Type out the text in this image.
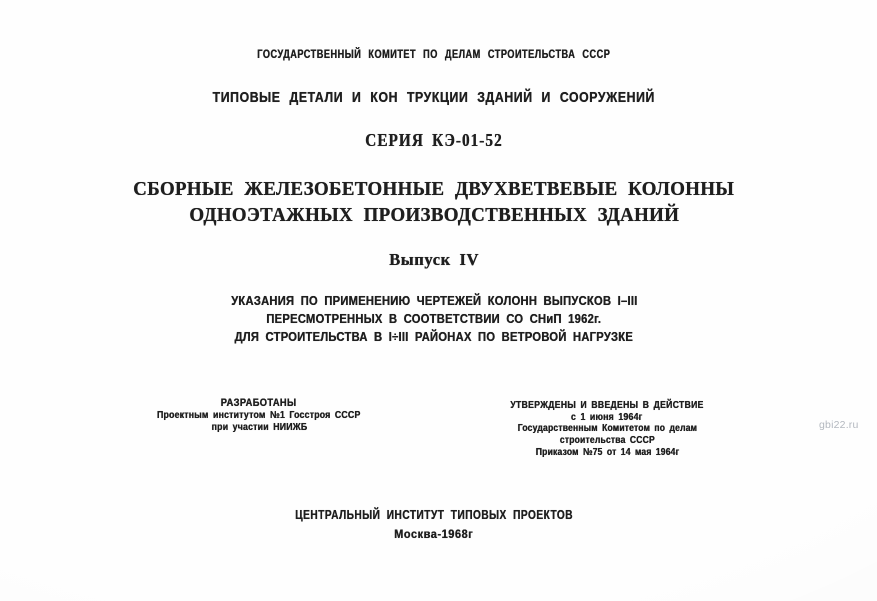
ГОСУДАРСТВЕННЫЙ КОМИТЕТ ПО ДЕЛАМ СТРОИТЕЛЬСТВА СССР
ТИПОВЫЕ ДЕТАЛИ И КОН ТРУКЦИИ ЗДАНИЙ И СООРУЖЕНИЙ
СЕРИЯ КЭ-01-52
СБОРНЫЕ ЖЕЛЕЗОБЕТОННЫЕ ДВУХВЕТВЕВЫЕ КОЛОННЫ
ОДНОЭТАЖНЫХ ПРОИЗВОДСТВЕННЫХ ЗДАНИЙ
Выпуск IV
УКАЗАНИЯ ПО ПРИМЕНЕНИЮ ЧЕРТЕЖЕЙ КОЛОНН ВЫПУСКОВ I–III
ПЕРЕСМОТРЕННЫХ В СООТВЕТСТВИИ СО СНиП 1962г.
ДЛЯ СТРОИТЕЛЬСТВА В I÷III РАЙОНАХ ПО ВЕТРОВОЙ НАГРУЗКЕ
РАЗРАБОТАНЫ
Проектным институтом №1 Госстроя СССР
при участии НИИЖБ
УТВЕРЖДЕНЫ И ВВЕДЕНЫ В ДЕЙСТВИЕ
с 1 июня 1964г
Государственным Комитетом по делам
строительства СССР
Приказом №75 от 14 мая 1964г
ЦЕНТРАЛЬНЫЙ ИНСТИТУТ ТИПОВЫХ ПРОЕКТОВ
Москва-1968г
gbi22.ru
